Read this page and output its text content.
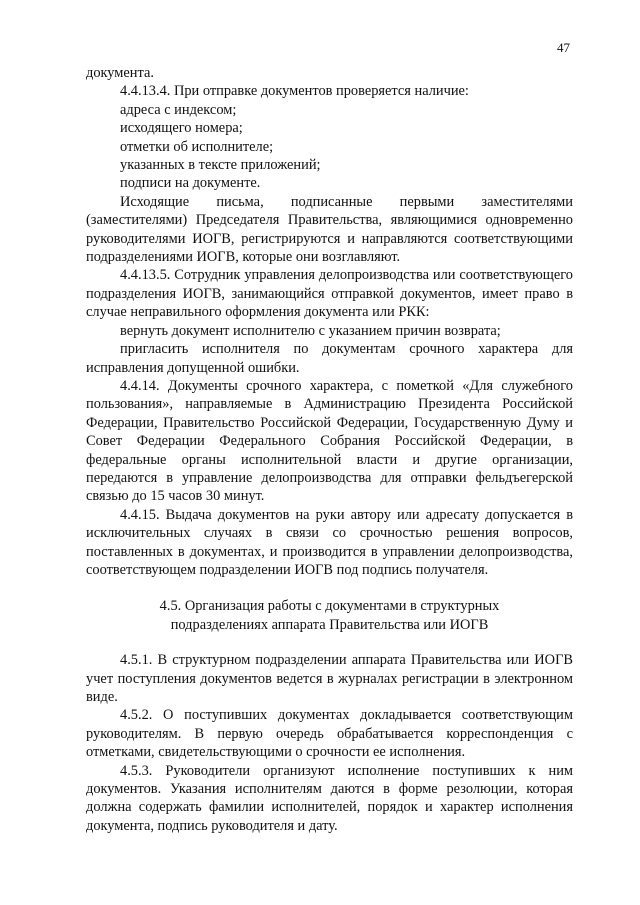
47

документа.

4.4.13.4. При отправке документов проверяется наличие:

адреса с индексом;

исходящего номера;

отметки об исполнителе;

указанных в тексте приложений;

подписи на документе.

Исходящие письма, подписанные первыми заместителями (заместителями) Председателя Правительства, являющимися одновременно руководителями ИОГВ, регистрируются и направляются соответствующими подразделениями ИОГВ, которые они возглавляют.

4.4.13.5. Сотрудник управления делопроизводства или соответствующего подразделения ИОГВ, занимающийся отправкой документов, имеет право в случае неправильного оформления документа или РКК:

вернуть документ исполнителю с указанием причин возврата;

пригласить исполнителя по документам срочного характера для исправления допущенной ошибки.

4.4.14. Документы срочного характера, с пометкой «Для служебного пользования», направляемые в Администрацию Президента Российской Федерации, Правительство Российской Федерации, Государственную Думу и Совет Федерации Федерального Собрания Российской Федерации, в федеральные органы исполнительной власти и другие организации, передаются в управление делопроизводства для отправки фельдъегерской связью до 15 часов 30 минут.

4.4.15. Выдача документов на руки автору или адресату допускается в исключительных случаях в связи со срочностью решения вопросов, поставленных в документах, и производится в управлении делопроизводства, соответствующем подразделении ИОГВ под подпись получателя.

4.5. Организация работы с документами в структурных
подразделениях аппарата Правительства или ИОГВ

4.5.1. В структурном подразделении аппарата Правительства или ИОГВ учет поступления документов ведется в журналах регистрации в электронном виде.

4.5.2. О поступивших документах докладывается соответствующим руководителям. В первую очередь обрабатывается корреспонденция с отметками, свидетельствующими о срочности ее исполнения.

4.5.3. Руководители организуют исполнение поступивших к ним документов. Указания исполнителям даются в форме резолюции, которая должна содержать фамилии исполнителей, порядок и характер исполнения документа, подпись руководителя и дату.
